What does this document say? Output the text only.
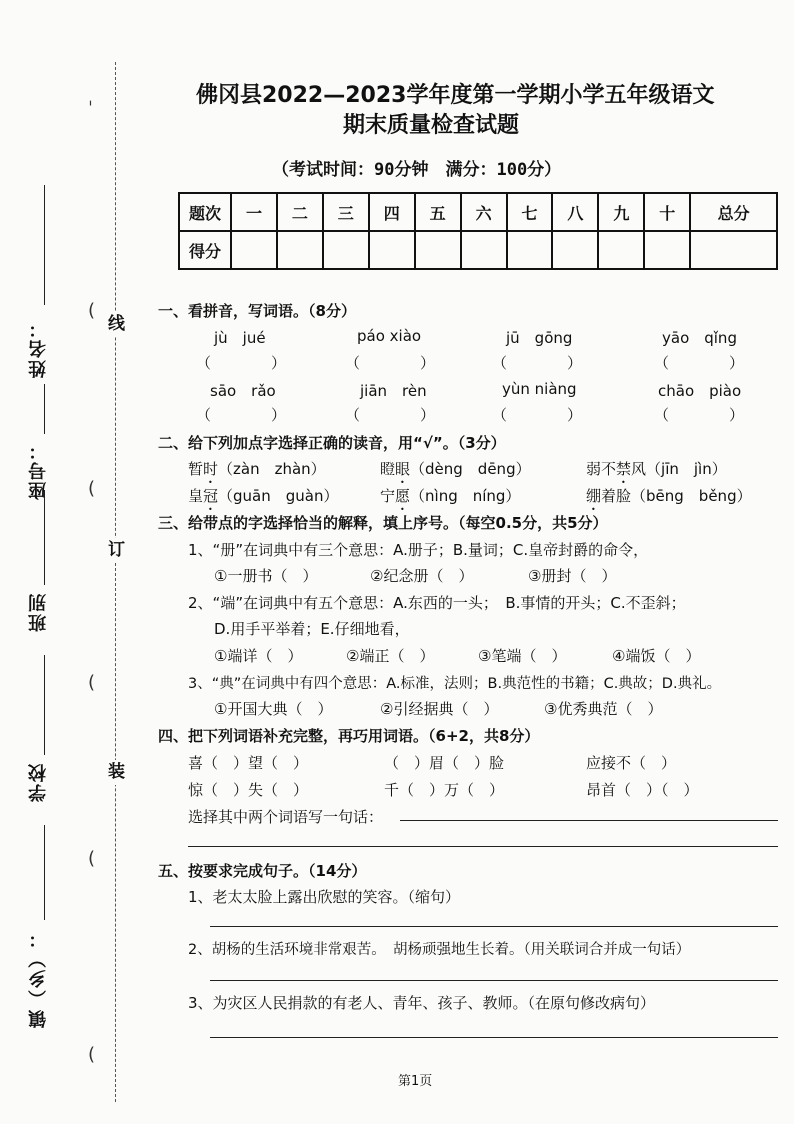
线
订
装
ˈ
(
(
(
(
(
姓名：
座号：
班别
学校
镇（乡）：
佛冈县2022—2023学年度第一学期小学五年级语文
期末质量检查试题
（考试时间：90分钟　满分：100分）
题次	一	二	三	四	五	六	七	八	九	十	总分
得分											
一、看拼音，写词语。（8分）
jù　jué	páo xiào	jū　gōng	yāo　qǐng
（　　　　）	（　　　　）	（　　　　）	（　　　　）
sāo　rǎo	jiān　rèn	yùn niàng	chāo　piào
（　　　　）	（　　　　）	（　　　　）	（　　　　）
二、给下列加点字选择正确的读音，用“√”。（3分）
暂时（zàn　zhàn）	瞪眼（dèng　dēng）	弱不禁风（jīn　jìn）
皇冠（guān　guàn）	宁愿（nìng　níng）	绷着脸（bēng　běng）
三、给带点的字选择恰当的解释，填上序号。（每空0.5分，共5分）
1、“册”在词典中有三个意思：A.册子；B.量词；C.皇帝封爵的命令，
①一册书（　）	②纪念册（　）	③册封（　）
2、“端”在词典中有五个意思：A.东西的一头；　B.事情的开头；C.不歪斜；
D.用手平举着；E.仔细地看，
①端详（　）	②端正（　）	③笔端（　）	④端饭（　）
3、“典”在词典中有四个意思：A.标准，法则；B.典范性的书籍；C.典故；D.典礼。
①开国大典（　）	②引经据典（　）	③优秀典范（　）
四、把下列词语补充完整，再巧用词语。（6+2，共8分）
喜（　）望（　）	（　）眉（　）脸	应接不（　）
惊（　）失（　）	千（　）万（　）	昂首（　）（　）
选择其中两个词语写一句话：
五、按要求完成句子。（14分）
1、老太太脸上露出欣慰的笑容。（缩句）
2、胡杨的生活环境非常艰苦。　胡杨顽强地生长着。（用关联词合并成一句话）
3、为灾区人民捐款的有老人、青年、孩子、教师。（在原句修改病句）
第1页
